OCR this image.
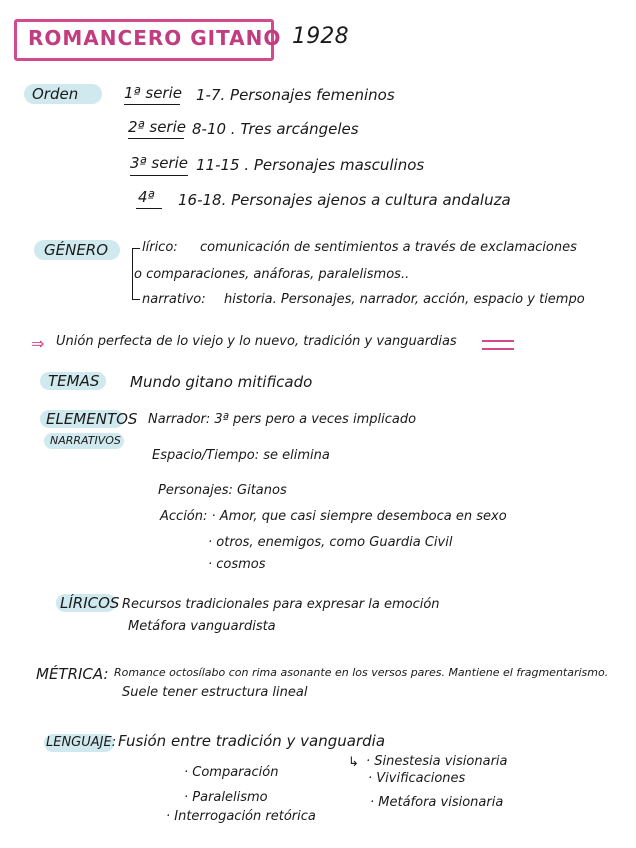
ROMANCERO GITANO 1928
Orden	1ª serie 1-7. Personajes femeninos
2ª serie 8-10 . Tres arcángeles
3ª serie 11-15 . Personajes masculinos
4ª 16-18. Personajes ajenos a cultura andaluza
GÉNERO	lírico: comunicación de sentimientos a través de exclamaciones
o comparaciones, anáforas, paralelismos..
narrativo: historia. Personajes, narrador, acción, espacio y tiempo
⇒ Unión perfecta de lo viejo y lo nuevo, tradición y vanguardias
TEMAS Mundo gitano mitificado
ELEMENTOS
NARRATIVOS
Narrador: 3ª pers pero a veces implicado
Espacio/Tiempo: se elimina
Personajes: Gitanos
Acción: · Amor, que casi siempre desemboca en sexo
· otros, enemigos, como Guardia Civil
· cosmos
LÍRICOS Recursos tradicionales para expresar la emoción
Metáfora vanguardista
MÉTRICA: Romance octosílabo con rima asonante en los versos pares. Mantiene el fragmentarismo.
Suele tener estructura lineal
LENGUAJE: Fusión entre tradición y vanguardia
· Comparación
· Paralelismo
· Interrogación retórica
↳ · Sinestesia visionaria
· Vivificaciones
· Metáfora visionaria
